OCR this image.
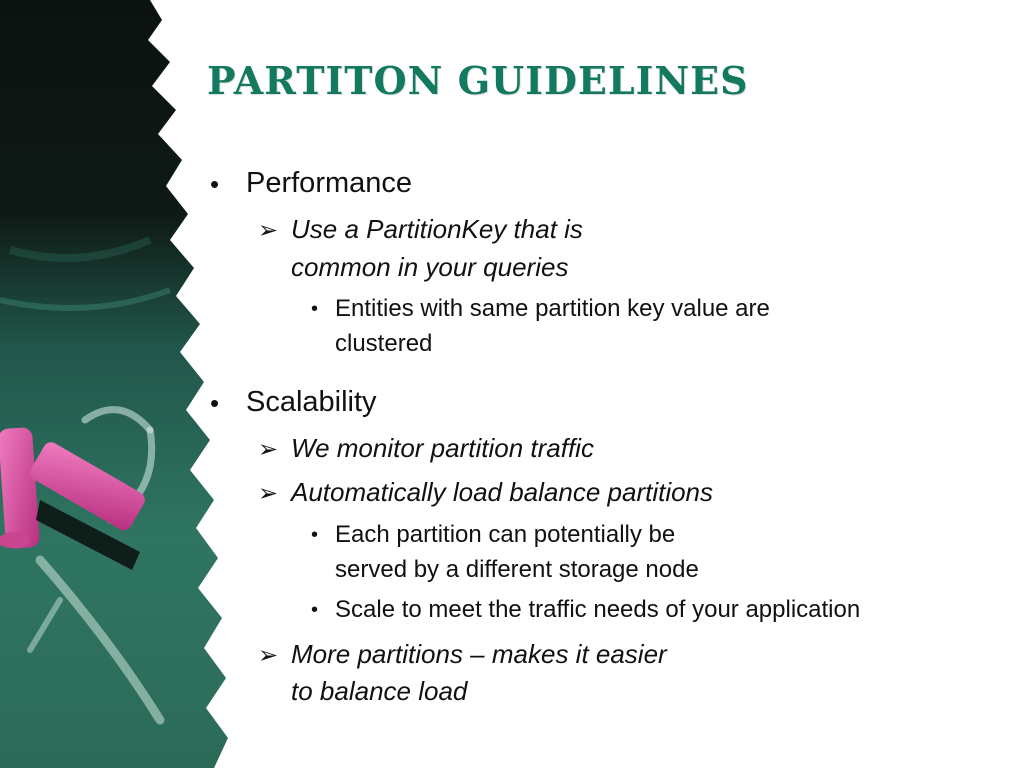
PARTITON GUIDELINES
• Performance
➢ Use a PartitionKey that is
common in your queries
• Entities with same partition key value are
clustered
• Scalability
➢ We monitor partition traffic
➢ Automatically load balance partitions
• Each partition can potentially be
served by a different storage node
• Scale to meet the traffic needs of your application
➢ More partitions – makes it easier
to balance load
